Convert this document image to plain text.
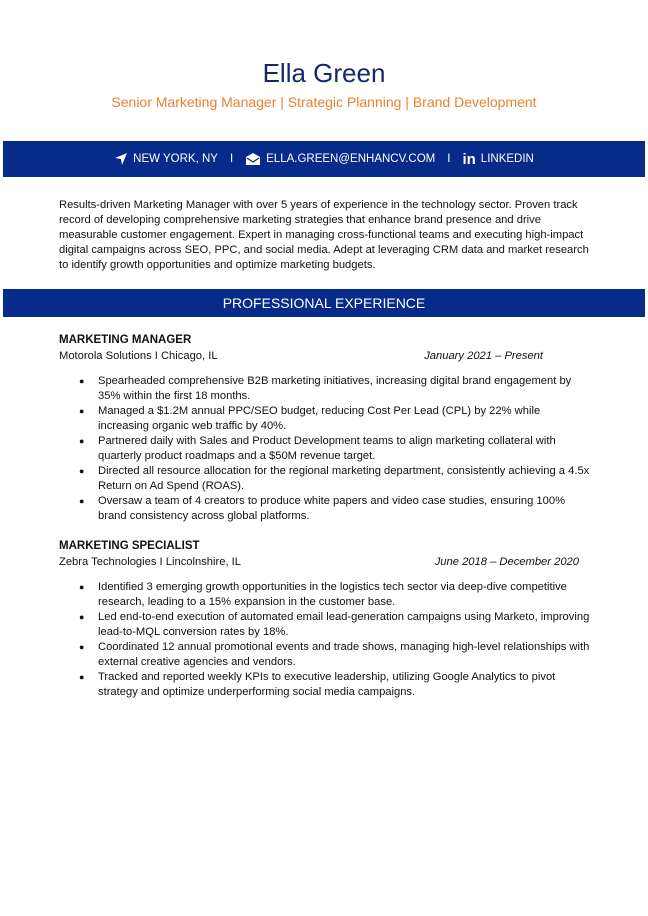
Ella Green
Senior Marketing Manager | Strategic Planning | Brand Development
NEW YORK, NY I	ELLA.GREEN@ENHANCV.COM I in LINKEDIN
Results-driven Marketing Manager with over 5 years of experience in the technology sector. Proven track record of developing comprehensive marketing strategies that enhance brand presence and drive measurable customer engagement. Expert in managing cross-functional teams and executing high-impact digital campaigns across SEO, PPC, and social media. Adept at leveraging CRM data and market research to identify growth opportunities and optimize marketing budgets.
PROFESSIONAL EXPERIENCE
MARKETING MANAGER
Motorola Solutions I Chicago, IL	January 2021 – Present
● Spearheaded comprehensive B2B marketing initiatives, increasing digital brand engagement by 35% within the first 18 months.
● Managed a $1.2M annual PPC/SEO budget, reducing Cost Per Lead (CPL) by 22% while increasing organic web traffic by 40%.
● Partnered daily with Sales and Product Development teams to align marketing collateral with quarterly product roadmaps and a $50M revenue target.
● Directed all resource allocation for the regional marketing department, consistently achieving a 4.5x Return on Ad Spend (ROAS).
● Oversaw a team of 4 creators to produce white papers and video case studies, ensuring 100% brand consistency across global platforms.
MARKETING SPECIALIST
Zebra Technologies I Lincolnshire, IL	June 2018 – December 2020
● Identified 3 emerging growth opportunities in the logistics tech sector via deep-dive competitive research, leading to a 15% expansion in the customer base.
● Led end-to-end execution of automated email lead-generation campaigns using Marketo, improving lead-to-MQL conversion rates by 18%.
● Coordinated 12 annual promotional events and trade shows, managing high-level relationships with external creative agencies and vendors.
● Tracked and reported weekly KPIs to executive leadership, utilizing Google Analytics to pivot strategy and optimize underperforming social media campaigns.
